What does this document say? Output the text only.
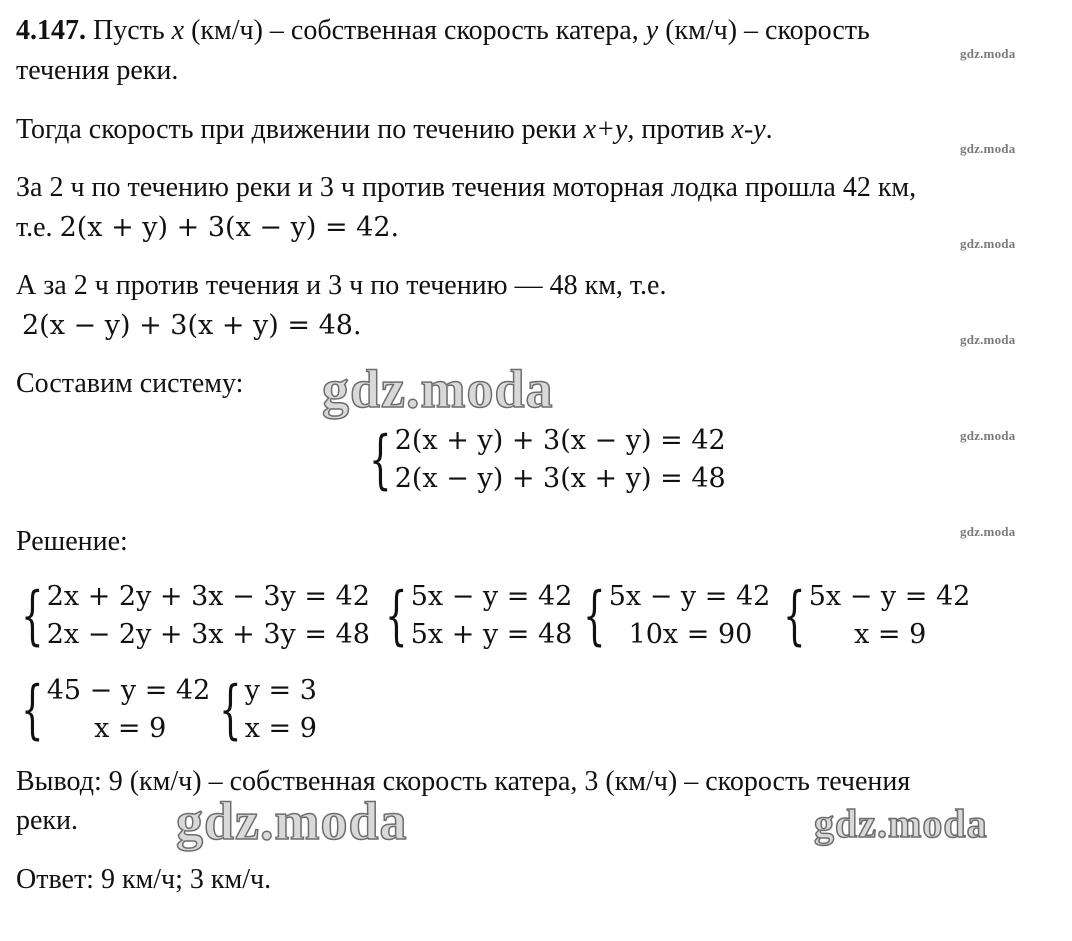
4.147. Пусть x (км/ч) – собственная скорость катера, y (км/ч) – скорость
течения реки.
Тогда скорость при движении по течению реки x+y, против x-y.
За 2 ч по течению реки и 3 ч против течения моторная лодка прошла 42 км,
т.е. 2(x + y) + 3(x − y) = 42.
А за 2 ч против течения и 3 ч по течению — 48 км, т.е.
2(x − y) + 3(x + y) = 48.
Составим систему:
{ 2(x + y) + 3(x − y) = 42
2(x − y) + 3(x + y) = 48
Решение:
{ 2x + 2y + 3x − 3y = 42
2x − 2y + 3x + 3y = 48 { 5x − y = 42
5x + y = 48 { 5x − y = 42
10x = 90 { 5x − y = 42
x = 9
{ 45 − y = 42
x = 9 { y = 3
x = 9
Вывод: 9 (км/ч) – собственная скорость катера, 3 (км/ч) – скорость течения
реки.
Ответ: 9 км/ч; 3 км/ч.
gdz.moda
gdz.moda
gdz.moda
gdz.moda
gdz.moda
gdz.moda
gdz.moda
gdz.moda	gdz.moda
